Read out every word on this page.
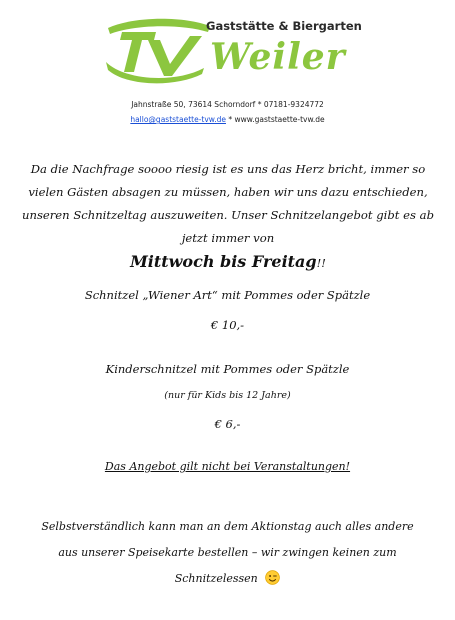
Gaststätte & Biergarten
Weiler
Jahnstraße 50, 73614 Schorndorf * 07181-9324772
hallo@gaststaette-tvw.de * www.gaststaette-tvw.de
Da die Nachfrage soooo riesig ist es uns das Herz bricht, immer so vielen Gästen absagen zu müssen, haben wir uns dazu entschieden, unseren Schnitzeltag auszuweiten. Unser Schnitzelangebot gibt es ab jetzt immer von
Mittwoch bis Freitag!!
Schnitzel „Wiener Art“ mit Pommes oder Spätzle
€ 10,-
Kinderschnitzel mit Pommes oder Spätzle
(nur für Kids bis 12 Jahre)
€ 6,-
Das Angebot gilt nicht bei Veranstaltungen!
Selbstverständlich kann man an dem Aktionstag auch alles andere aus unserer Speisekarte bestellen – wir zwingen keinen zum Schnitzelessen
